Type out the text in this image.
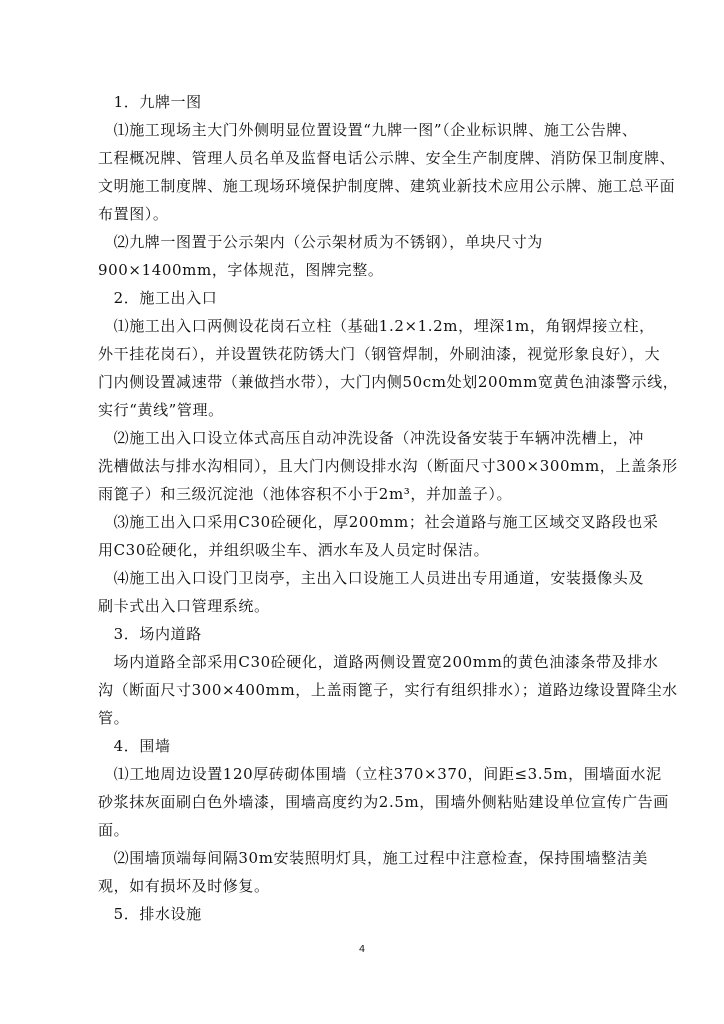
　1．九牌一图
　⑴施工现场主大门外侧明显位置设置“九牌一图”（企业标识牌、施工公告牌、
工程概况牌、管理人员名单及监督电话公示牌、安全生产制度牌、消防保卫制度牌、
文明施工制度牌、施工现场环境保护制度牌、建筑业新技术应用公示牌、施工总平面
布置图）。
　⑵九牌一图置于公示架内（公示架材质为不锈钢），单块尺寸为
900×1400mm，字体规范，图牌完整。
　2．施工出入口
　⑴施工出入口两侧设花岗石立柱（基础1.2×1.2m，埋深1m，角钢焊接立柱，
外干挂花岗石），并设置铁花防锈大门（钢管焊制，外刷油漆，视觉形象良好），大
门内侧设置减速带（兼做挡水带），大门内侧50cm处划200mm宽黄色油漆警示线，
实行“黄线”管理。
　⑵施工出入口设立体式高压自动冲洗设备（冲洗设备安装于车辆冲洗槽上，冲
洗槽做法与排水沟相同），且大门内侧设排水沟（断面尺寸300×300mm，上盖条形
雨篦子）和三级沉淀池（池体容积不小于2m³，并加盖子）。
　⑶施工出入口采用C30砼硬化，厚200mm；社会道路与施工区域交叉路段也采
用C30砼硬化，并组织吸尘车、洒水车及人员定时保洁。
　⑷施工出入口设门卫岗亭，主出入口设施工人员进出专用通道，安装摄像头及
刷卡式出入口管理系统。
　3．场内道路
　场内道路全部采用C30砼硬化，道路两侧设置宽200mm的黄色油漆条带及排水
沟（断面尺寸300×400mm，上盖雨篦子，实行有组织排水）；道路边缘设置降尘水
管。
　4．围墙
　⑴工地周边设置120厚砖砌体围墙（立柱370×370，间距≤3.5m，围墙面水泥
砂浆抹灰面刷白色外墙漆，围墙高度约为2.5m，围墙外侧粘贴建设单位宣传广告画
面。
　⑵围墙顶端每间隔30m安装照明灯具，施工过程中注意检查，保持围墙整洁美
观，如有损坏及时修复。
　5．排水设施
4
